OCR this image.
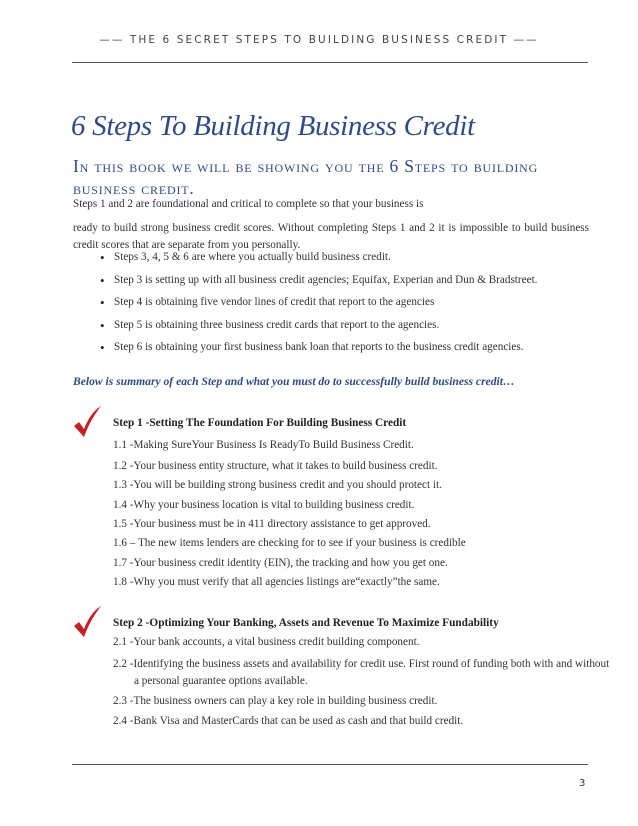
—— THE 6 SECRET STEPS TO BUILDING BUSINESS CREDIT ——
6 Steps To Building Business Credit
In this book we will be showing you the 6 Steps to building business credit.
Steps 1 and 2 are foundational and critical to complete so that your business is
ready to build strong business credit scores. Without completing Steps 1 and 2 it is impossible to build business credit scores that are separate from you personally.
• Steps 3, 4, 5 & 6 are where you actually build business credit.
• Step 3 is setting up with all business credit agencies; Equifax, Experian and Dun & Bradstreet.
• Step 4 is obtaining five vendor lines of credit that report to the agencies
• Step 5 is obtaining three business credit cards that report to the agencies.
• Step 6 is obtaining your first business bank loan that reports to the business credit agencies.
Below is summary of each Step and what you must do to successfully build business credit…
Step 1 -Setting The Foundation For Building Business Credit
1.1 -Making SureYour Business Is ReadyTo Build Business Credit.
1.2 -Your business entity structure, what it takes to build business credit.
1.3 -You will be building strong business credit and you should protect it.
1.4 -Why your business location is vital to building business credit.
1.5 -Your business must be in 411 directory assistance to get approved.
1.6 – The new items lenders are checking for to see if your business is credible
1.7 -Your business credit identity (EIN), the tracking and how you get one.
1.8 -Why you must verify that all agencies listings are“exactly”the same.
Step 2 -Optimizing Your Banking, Assets and Revenue To Maximize Fundability
2.1 -Your bank accounts, a vital business credit building component.
2.2 -Identifying the business assets and availability for credit use. First round of funding both with and without a personal guarantee options available.
2.3 -The business owners can play a key role in building business credit.
2.4 -Bank Visa and MasterCards that can be used as cash and that build credit.
3
